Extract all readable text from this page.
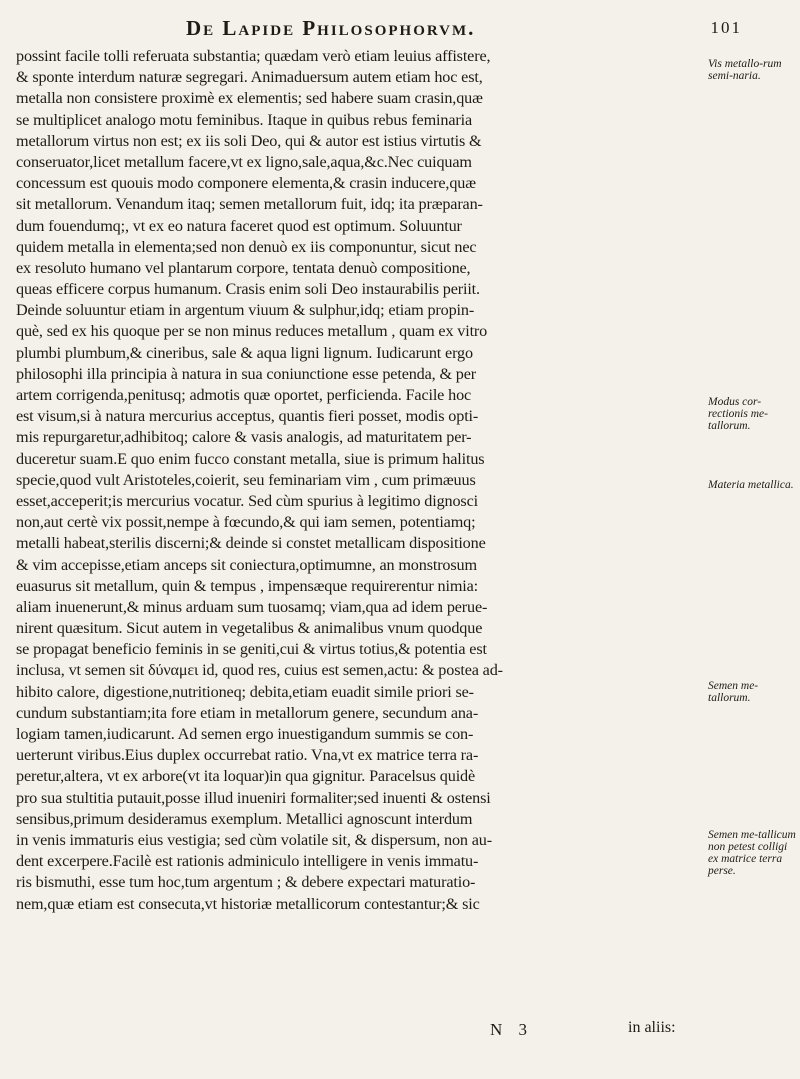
De Lapide Philosophorvm.	101
possint facile tolli referuata substantia; quædam verò etiam leuius affistere,
& sponte interdum naturæ segregari. Animaduersum autem etiam hoc est,
metalla non consistere proximè ex elementis; sed habere suam crasin,quæ
se multiplicet analogo motu feminibus. Itaque in quibus rebus feminaria
metallorum virtus non est; ex iis soli Deo, qui & autor est istius virtutis &
conseruator,licet metallum facere,vt ex ligno,sale,aqua,&c.Nec cuiquam
concessum est quouis modo componere elementa,& crasin inducere,quæ
sit metallorum. Venandum itaq; semen metallorum fuit, idq; ita præparan-
dum fouendumq;, vt ex eo natura faceret quod est optimum. Soluuntur
quidem metalla in elementa;sed non denuò ex iis componuntur, sicut nec
ex resoluto humano vel plantarum corpore, tentata denuò compositione,
queas efficere corpus humanum. Crasis enim soli Deo instaurabilis periit.
Deinde soluuntur etiam in argentum viuum & sulphur,idq; etiam propin-
què, sed ex his quoque per se non minus reduces metallum , quam ex vitro
plumbi plumbum,& cineribus, sale & aqua ligni lignum. Iudicarunt ergo
philosophi illa principia à natura in sua coniunctione esse petenda, & per
artem corrigenda,penitusq; admotis quæ oportet, perficienda. Facile hoc
est visum,si à natura mercurius acceptus, quantis fieri posset, modis opti-
mis repurgaretur,adhibitoq; calore & vasis analogis, ad maturitatem per-
duceretur suam.E quo enim fucco constant metalla, siue is primum halitus
specie,quod vult Aristoteles,coierit, seu feminariam vim , cum primæuus
esset,acceperit;is mercurius vocatur. Sed cùm spurius à legitimo dignosci
non,aut certè vix possit,nempe à fœcundo,& qui iam semen, potentiamq;
metalli habeat,sterilis discerni;& deinde si constet metallicam dispositione
& vim accepisse,etiam anceps sit coniectura,optimumne, an monstrosum
euasurus sit metallum, quin & tempus , impensæque requirerentur nimia:
aliam inuenerunt,& minus arduam sum tuosamq; viam,qua ad idem perue-
nirent quæsitum. Sicut autem in vegetalibus & animalibus vnum quodque
se propagat beneficio feminis in se geniti,cui & virtus totius,& potentia est
inclusa, vt semen sit δύναμει id, quod res, cuius est semen,actu: & postea ad-
hibito calore, digestione,nutritioneq; debita,etiam euadit simile priori se-
cundum substantiam;ita fore etiam in metallorum genere, secundum ana-
logiam tamen,iudicarunt. Ad semen ergo inuestigandum summis se con-
uerterunt viribus.Eius duplex occurrebat ratio. Vna,vt ex matrice terra ra-
peretur,altera, vt ex arbore(vt ita loquar)in qua gignitur. Paracelsus quidè
pro sua stultitia putauit,posse illud inueniri formaliter;sed inuenti & ostensi
sensibus,primum desideramus exemplum. Metallici agnoscunt interdum
in venis immaturis eius vestigia; sed cùm volatile sit, & dispersum, non au-
dent excerpere.Facilè est rationis adminiculo intelligere in venis immatu-
ris bismuthi, esse tum hoc,tum argentum ; & debere expectari maturatio-
nem,quæ etiam est consecuta,vt historiæ metallicorum contestantur;& sic
Vis metallo-rum semi-naria.
Modus cor-rectionis me-tallorum.
Materia metallica.
Semen me-tallorum.
Semen me-tallicum non petest colligi ex matrice terra perse.
N 3	in aliis:
